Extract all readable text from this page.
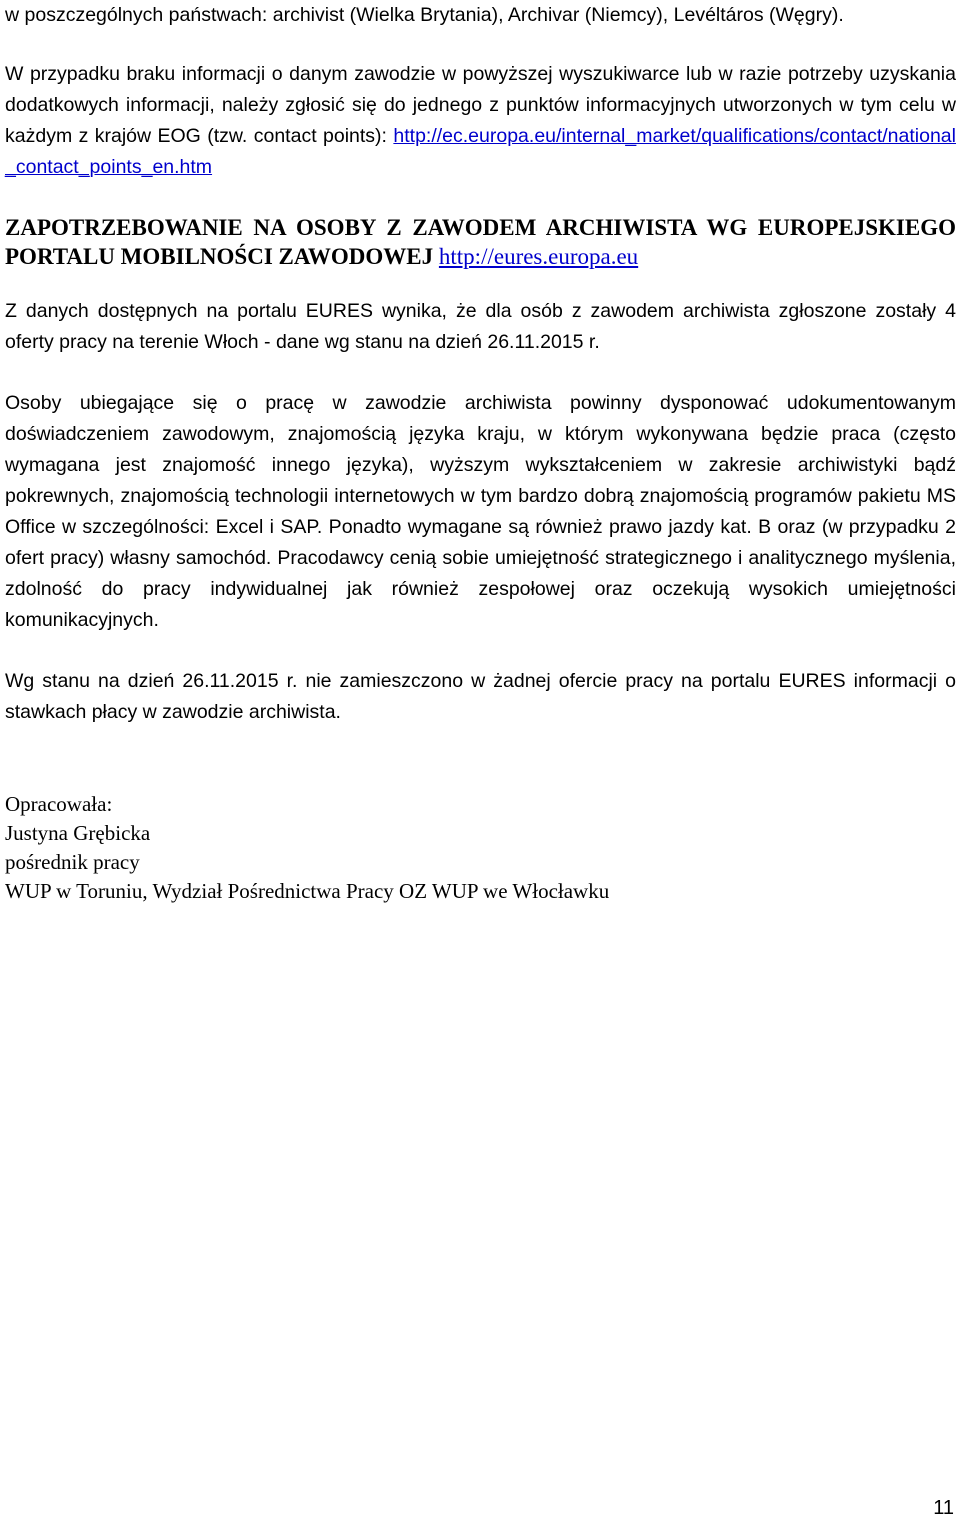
w poszczególnych państwach: archivist (Wielka Brytania), Archivar (Niemcy), Levéltáros (Węgry).

W przypadku braku informacji o danym zawodzie w powyższej wyszukiwarce lub w razie potrzeby uzyskania dodatkowych informacji, należy zgłosić się do jednego z punktów informacyjnych utworzonych w tym celu w każdym z krajów EOG (tzw. contact points): http://ec.europa.eu/internal_market/qualifications/contact/national_contact_points_en.htm

ZAPOTRZEBOWANIE NA OSOBY Z ZAWODEM ARCHIWISTA WG EUROPEJSKIEGO PORTALU MOBILNOŚCI ZAWODOWEJ http://eures.europa.eu

Z danych dostępnych na portalu EURES wynika, że dla osób z zawodem archiwista zgłoszone zostały 4 oferty pracy na terenie Włoch - dane wg stanu na dzień 26.11.2015 r.

Osoby ubiegające się o pracę w zawodzie archiwista powinny dysponować udokumentowanym doświadczeniem zawodowym, znajomością języka kraju, w którym wykonywana będzie praca (często wymagana jest znajomość innego języka), wyższym wykształceniem w zakresie archiwistyki bądź pokrewnych, znajomością technologii internetowych w tym bardzo dobrą znajomością programów pakietu MS Office w szczególności: Excel i SAP. Ponadto wymagane są również prawo jazdy kat. B oraz (w przypadku 2 ofert pracy) własny samochód. Pracodawcy cenią sobie umiejętność strategicznego i analitycznego myślenia, zdolność do pracy indywidualnej jak również zespołowej oraz oczekują wysokich umiejętności komunikacyjnych.

Wg stanu na dzień 26.11.2015 r. nie zamieszczono w żadnej ofercie pracy na portalu EURES informacji o stawkach płacy w zawodzie archiwista.

Opracowała:
Justyna Grębicka
pośrednik pracy
WUP w Toruniu, Wydział Pośrednictwa Pracy OZ WUP we Włocławku
11
